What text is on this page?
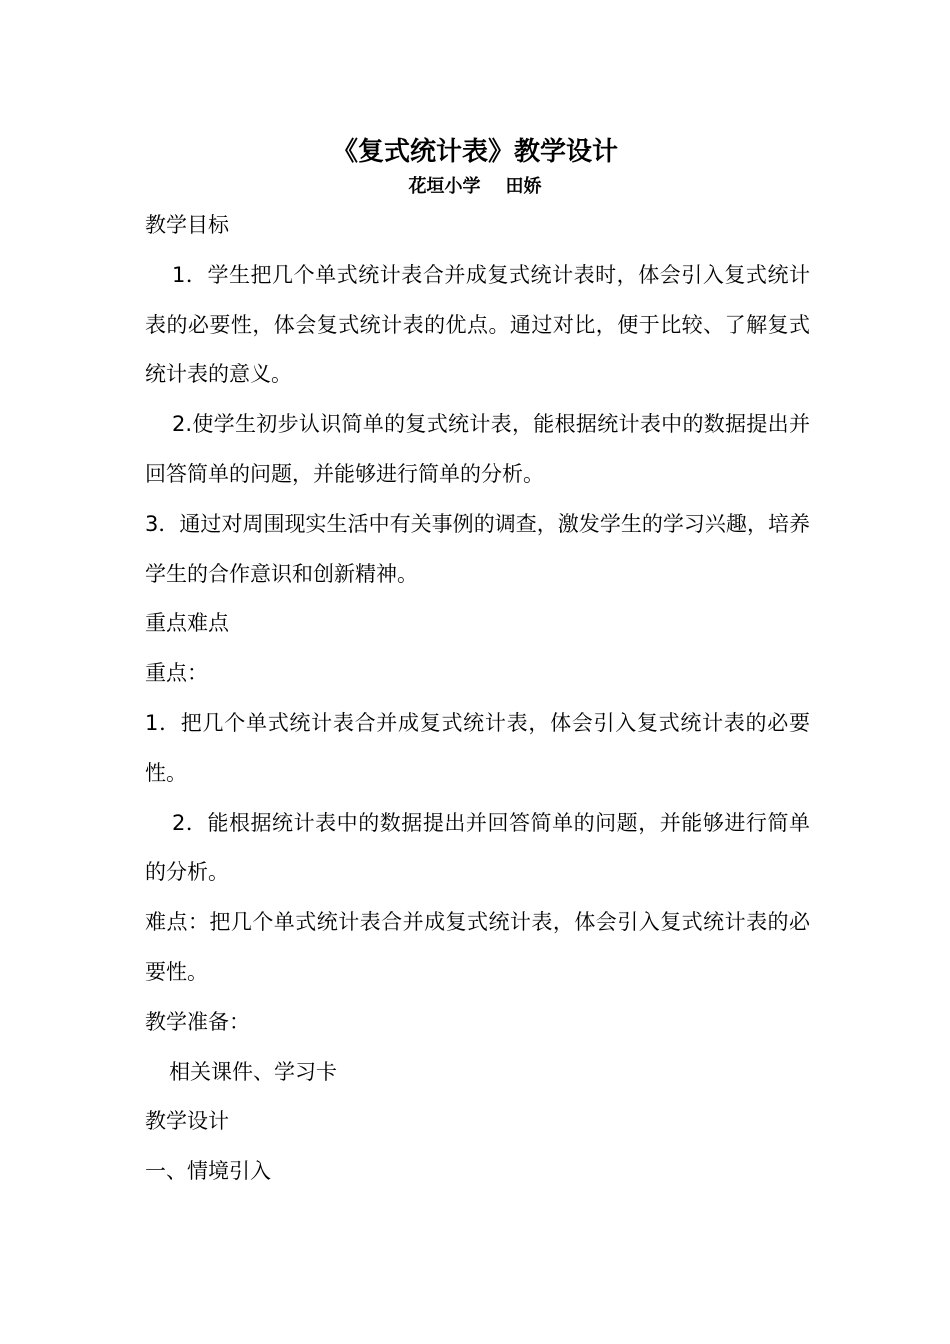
《复式统计表》教学设计
花垣小学    田娇

教学目标

1．学生把几个单式统计表合并成复式统计表时，体会引入复式统计表的必要性，体会复式统计表的优点。通过对比，便于比较、了解复式统计表的意义。

2.使学生初步认识简单的复式统计表，能根据统计表中的数据提出并回答简单的问题，并能够进行简单的分析。

3．通过对周围现实生活中有关事例的调查，激发学生的学习兴趣，培养学生的合作意识和创新精神。

重点难点

重点：

1．把几个单式统计表合并成复式统计表，体会引入复式统计表的必要性。

2．能根据统计表中的数据提出并回答简单的问题，并能够进行简单的分析。

难点：把几个单式统计表合并成复式统计表，体会引入复式统计表的必要性。

教学准备：

相关课件、学习卡

教学设计

一、情境引入
